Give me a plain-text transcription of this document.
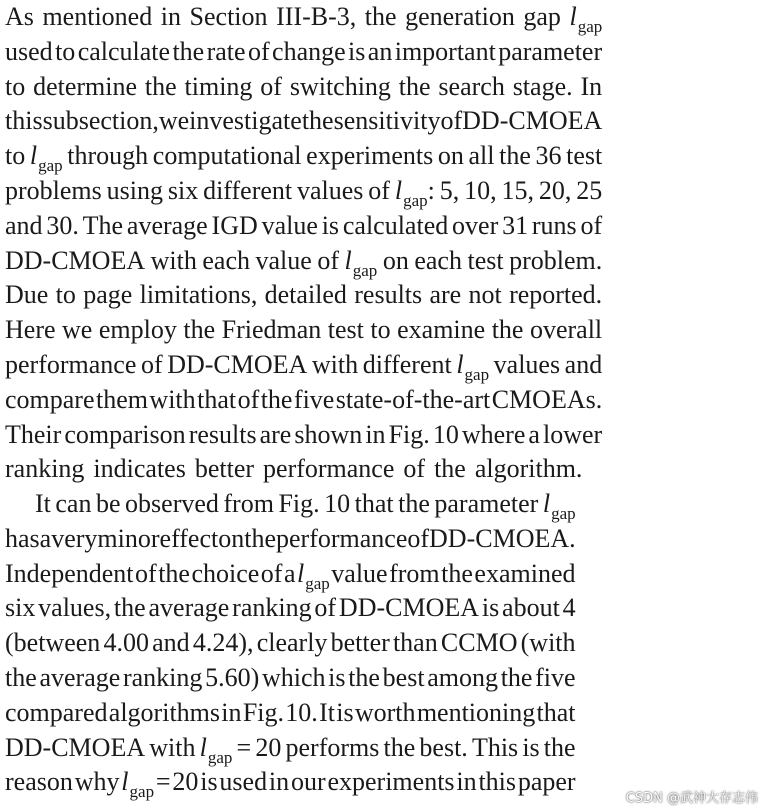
As mentioned in Section III-B-3, the generation gap $l_{gap}$
used to calculate the rate of change is an important parameter
to determine the timing of switching the search stage. In
this subsection, we investigate the sensitivity of DD-CMOEA
to $l_{gap}$ through computational experiments on all the 36 test
problems using six different values of $l_{gap}$: 5, 10, 15, 20, 25
and 30. The average IGD value is calculated over 31 runs of
DD-CMOEA with each value of $l_{gap}$ on each test problem.
Due to page limitations, detailed results are not reported.
Here we employ the Friedman test to examine the overall
performance of DD-CMOEA with different $l_{gap}$ values and
compare them with that of the five state-of-the-art CMOEAs.
Their comparison results are shown in Fig. 10 where a lower
ranking indicates better performance of the algorithm.
It can be observed from Fig. 10 that the parameter $l_{gap}$
has a very minor effect on the performance of DD-CMOEA.
Independent of the choice of a $l_{gap}$ value from the examined
six values, the average ranking of DD-CMOEA is about 4
(between 4.00 and 4.24), clearly better than CCMO (with
the average ranking 5.60) which is the best among the five
compared algorithms in Fig. 10. It is worth mentioning that
DD-CMOEA with $l_{gap} = 20$ performs the best. This is the
reason why $l_{gap} = 20$ is used in our experiments in this paper
CSDN @武神大存志伟
